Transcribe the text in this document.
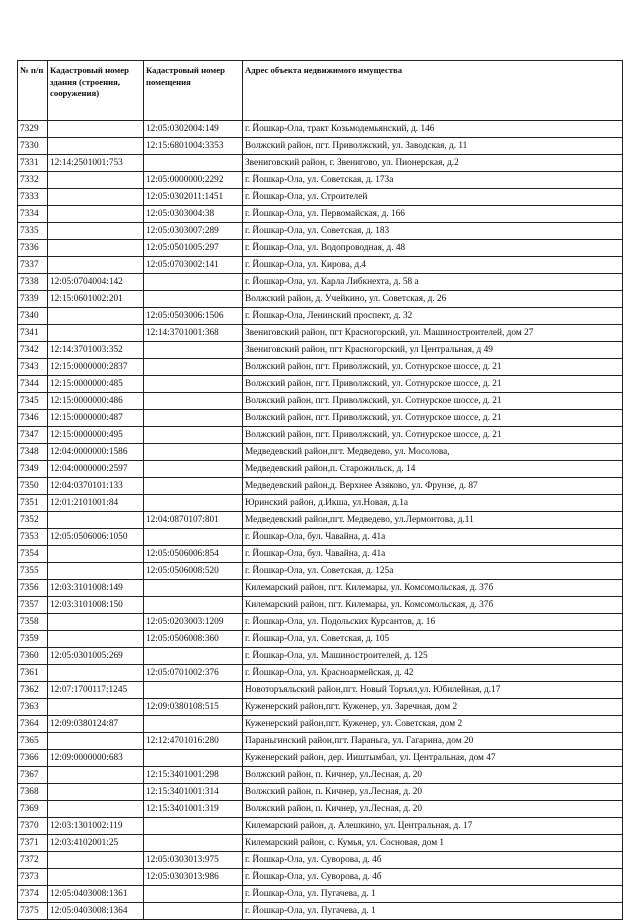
№ п/п	Кадастровый номер здания (строения, сооружения)	Кадастровый номер помещения	Адрес объекта недвижимого имущества
7329		12:05:0302004:149	г. Йошкар-Ола, тракт Козьмодемьянский, д. 146
7330		12:15:6801004:3353	Волжский район, пгт. Приволжский, ул. Заводская, д. 11
7331	12:14:2501001:753		Звениговский район, г. Звенигово, ул. Пионерская, д.2
7332		12:05:0000000:2292	г. Йошкар-Ола, ул. Советская, д. 173а
7333		12:05:0302011:1451	г. Йошкар-Ола, ул. Строителей
7334		12:05:0303004:38	г. Йошкар-Ола, ул. Первомайская, д. 166
7335		12:05:0303007:289	г. Йошкар-Ола, ул. Советская, д. 183
7336		12:05:0501005:297	г. Йошкар-Ола, ул. Водопроводная, д. 48
7337		12:05:0703002:141	г. Йошкар-Ола, ул. Кирова, д.4
7338	12:05:0704004:142		г. Йошкар-Ола, ул. Карла Либкнехта, д. 58 а
7339	12:15:0601002:201		Волжский район, д. Учейкино, ул. Советская, д. 26
7340		12:05:0503006:1506	г. Йошкар-Ола, Ленинский проспект, д. 32
7341		12:14:3701001:368	Звениговский район, пгт Красногорский, ул. Машиностроителей, дом 27
7342	12:14:3701003:352		Звениговский район, пгт Красногорский, ул Центральная, д 49
7343	12:15:0000000:2837		Волжский район, пгт. Приволжский, ул. Сотнурское шоссе, д. 21
7344	12:15:0000000:485		Волжский район, пгт. Приволжский, ул. Сотнурское шоссе, д. 21
7345	12:15:0000000:486		Волжский район, пгт. Приволжский, ул. Сотнурское шоссе, д. 21
7346	12:15:0000000:487		Волжский район, пгт. Приволжский, ул. Сотнурское шоссе, д. 21
7347	12:15:0000000:495		Волжский район, пгт. Приволжский, ул. Сотнурское шоссе, д. 21
7348	12:04:0000000:1586		Медведевский район,пгт. Медведево, ул. Мосолова,
7349	12:04:0000000:2597		Медведевский район,п. Старожильск, д. 14
7350	12:04:0370101:133		Медведевский район,д. Верхнее Азяково, ул. Фрунзе, д. 87
7351	12:01:2101001:84		Юринский район, д.Икша, ул.Новая, д.1а
7352		12:04:0870107:801	Медведевский район,пгт. Медведево, ул.Лермонтова, д.11
7353	12:05:0506006:1050		г. Йошкар-Ола, бул. Чавайна, д. 41а
7354		12:05:0506006:854	г. Йошкар-Ола, бул. Чавайна, д. 41а
7355		12:05:0506008:520	г. Йошкар-Ола, ул. Советская, д. 125а
7356	12:03:3101008:149		Килемарский район, пгт. Килемары, ул. Комсомольская, д. 37б
7357	12:03:3101008:150		Килемарский район, пгт. Килемары, ул. Комсомольская, д. 37б
7358		12:05:0203003:1209	г. Йошкар-Ола, ул. Подольских Курсантов, д. 16
7359		12:05:0506008:360	г. Йошкар-Ола, ул. Советская, д. 105
7360	12:05:0301005:269		г. Йошкар-Ола, ул. Машиностроителей, д. 125
7361		12:05:0701002:376	г. Йошкар-Ола, ул. Красноармейская, д. 42
7362	12:07:1700117:1245		Новоторъяльский район,пгт. Новый Торъял,ул. Юбилейная, д.17
7363		12:09:0380108:515	Куженерский район,пгт. Куженер, ул. Заречная, дом 2
7364	12:09:0380124:87		Куженерский район,пгт. Куженер, ул. Советская, дом 2
7365		12:12:4701016:280	Параньгинский район,пгт. Параньга, ул. Гагарина, дом 20
7366	12:09:0000000:683		Куженерский район, дер. Ииштымбал, ул. Центральная, дом 47
7367		12:15:3401001:298	Волжский район, п. Кичнер, ул.Лесная, д. 20
7368		12:15:3401001:314	Волжский район, п. Кичнер, ул.Лесная, д. 20
7369		12:15:3401001:319	Волжский район, п. Кичнер, ул.Лесная, д. 20
7370	12:03:1301002:119		Килемарский район, д. Алешкино, ул. Центральная, д. 17
7371	12:03:4102001:25		Килемарский район, с. Кумья, ул. Сосновая, дом 1
7372		12:05:0303013:975	г. Йошкар-Ола, ул. Суворова, д. 4б
7373		12:05:0303013:986	г. Йошкар-Ола, ул. Суворова, д. 4б
7374	12:05:0403008:1361		г. Йошкар-Ола, ул. Пугачева, д. 1
7375	12:05:0403008:1364		г. Йошкар-Ола, ул. Пугачева, д. 1
